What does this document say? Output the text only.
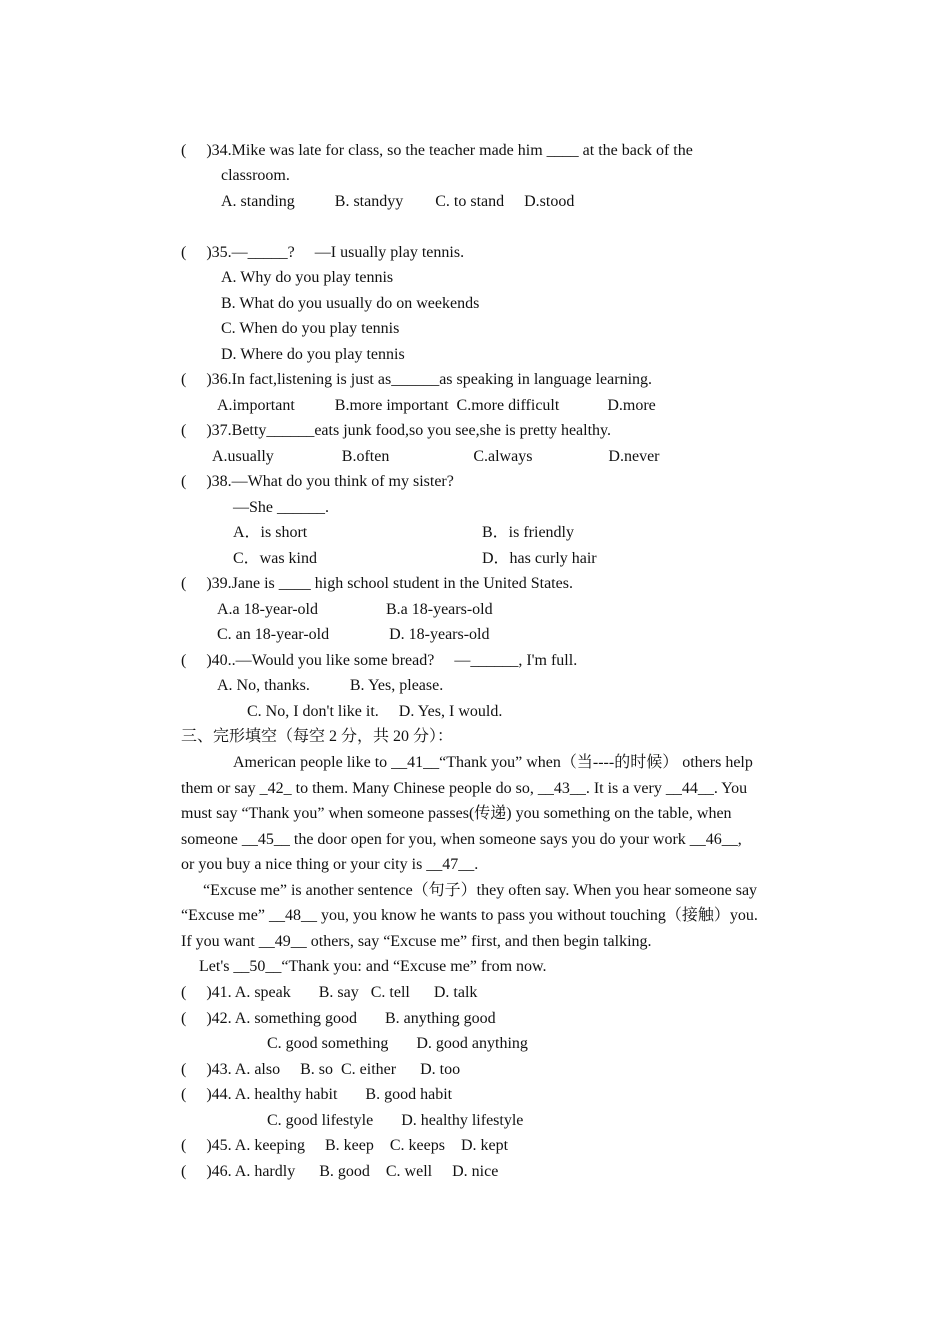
(     )34.Mike was late for class, so the teacher made him ____ at the back of the
classroom.
A. standing          B. standyy        C. to stand     D.stood
(     )35.—_____?     —I usually play tennis.
A. Why do you play tennis
B. What do you usually do on weekends
C. When do you play tennis
D. Where do you play tennis
(     )36.In fact,listening is just as______as speaking in language learning.
A.important          B.more important  C.more difficult            D.more
(     )37.Betty______eats junk food,so you see,she is pretty healthy.
A.usually                 B.often                     C.always                   D.never
(     )38.—What do you think of my sister?
—She ______.
A．is short	B．is friendly
C．was kind	D．has curly hair
(     )39.Jane is ____ high school student in the United States.
A.a 18-year-old                 B.a 18-years-old
C. an 18-year-old               D. 18-years-old
(     )40..—Would you like some bread?     —______, I'm full.
A. No, thanks.          B. Yes, please.
C. No, I don't like it.     D. Yes, I would.
三、完形填空（每空 2 分，共 20 分）：
American people like to __41__“Thank you” when（当----的时候） others help
them or say _42_ to them. Many Chinese people do so, __43__. It is a very __44__. You
must say “Thank you” when someone passes(传递) you something on the table, when
someone __45__ the door open for you, when someone says you do your work __46__,
or you buy a nice thing or your city is __47__.
“Excuse me” is another sentence（句子）they often say. When you hear someone say
“Excuse me” __48__ you, you know he wants to pass you without touching（接触）you.
If you want __49__ others, say “Excuse me” first, and then begin talking.
Let's __50__“Thank you: and “Excuse me” from now.
(     )41. A. speak       B. say   C. tell      D. talk
(     )42. A. something good       B. anything good
C. good something       D. good anything
(     )43. A. also     B. so  C. either      D. too
(     )44. A. healthy habit       B. good habit
C. good lifestyle       D. healthy lifestyle
(     )45. A. keeping     B. keep    C. keeps    D. kept
(     )46. A. hardly      B. good    C. well     D. nice
